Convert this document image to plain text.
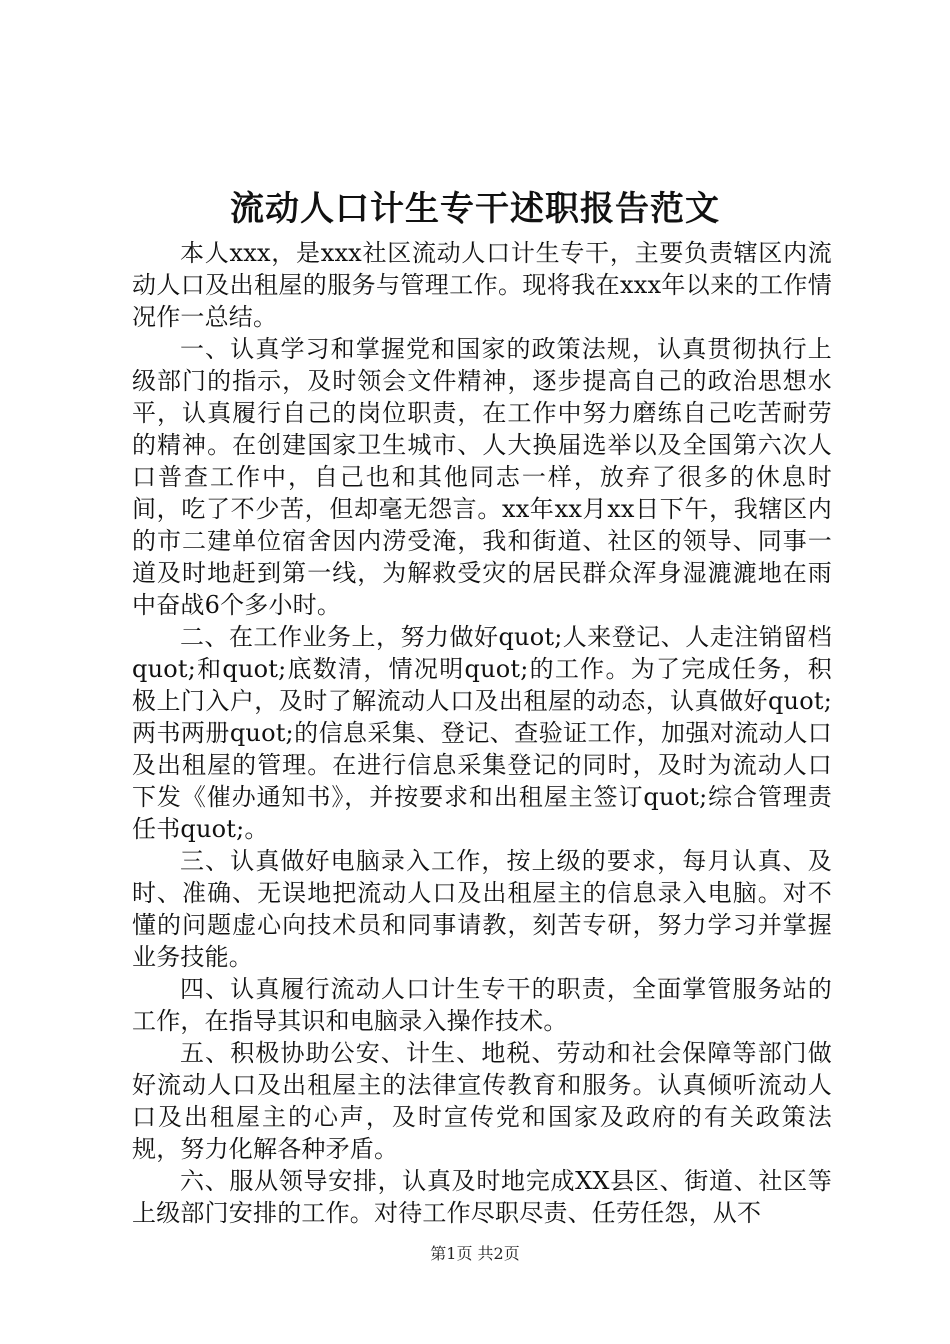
流动人口计生专干述职报告范文

本人xxx，是xxx社区流动人口计生专干，主要负责辖区内流动人口及出租屋的服务与管理工作。现将我在xxx年以来的工作情况作一总结。

一、认真学习和掌握党和国家的政策法规，认真贯彻执行上级部门的指示，及时领会文件精神，逐步提高自己的政治思想水平，认真履行自己的岗位职责，在工作中努力磨练自己吃苦耐劳的精神。在创建国家卫生城市、人大换届选举以及全国第六次人口普查工作中，自己也和其他同志一样，放弃了很多的休息时间，吃了不少苦，但却毫无怨言。xx年xx月xx日下午，我辖区内的市二建单位宿舍因内涝受淹，我和街道、社区的领导、同事一道及时地赶到第一线，为解救受灾的居民群众浑身湿漉漉地在雨中奋战6个多小时。

二、在工作业务上，努力做好quot;人来登记、人走注销留档quot;和quot;底数清，情况明quot;的工作。为了完成任务，积极上门入户，及时了解流动人口及出租屋的动态，认真做好quot;两书两册quot;的信息采集、登记、查验证工作，加强对流动人口及出租屋的管理。在进行信息采集登记的同时，及时为流动人口下发《催办通知书》，并按要求和出租屋主签订quot;综合管理责任书quot;。

三、认真做好电脑录入工作，按上级的要求，每月认真、及时、准确、无误地把流动人口及出租屋主的信息录入电脑。对不懂的问题虚心向技术员和同事请教，刻苦专研，努力学习并掌握业务技能。

四、认真履行流动人口计生专干的职责，全面掌管服务站的工作，在指导其识和电脑录入操作技术。

五、积极协助公安、计生、地税、劳动和社会保障等部门做好流动人口及出租屋主的法律宣传教育和服务。认真倾听流动人口及出租屋主的心声，及时宣传党和国家及政府的有关政策法规，努力化解各种矛盾。

六、服从领导安排，认真及时地完成XX县区、街道、社区等上级部门安排的工作。对待工作尽职尽责、任劳任怨，从不

第1页 共2页
